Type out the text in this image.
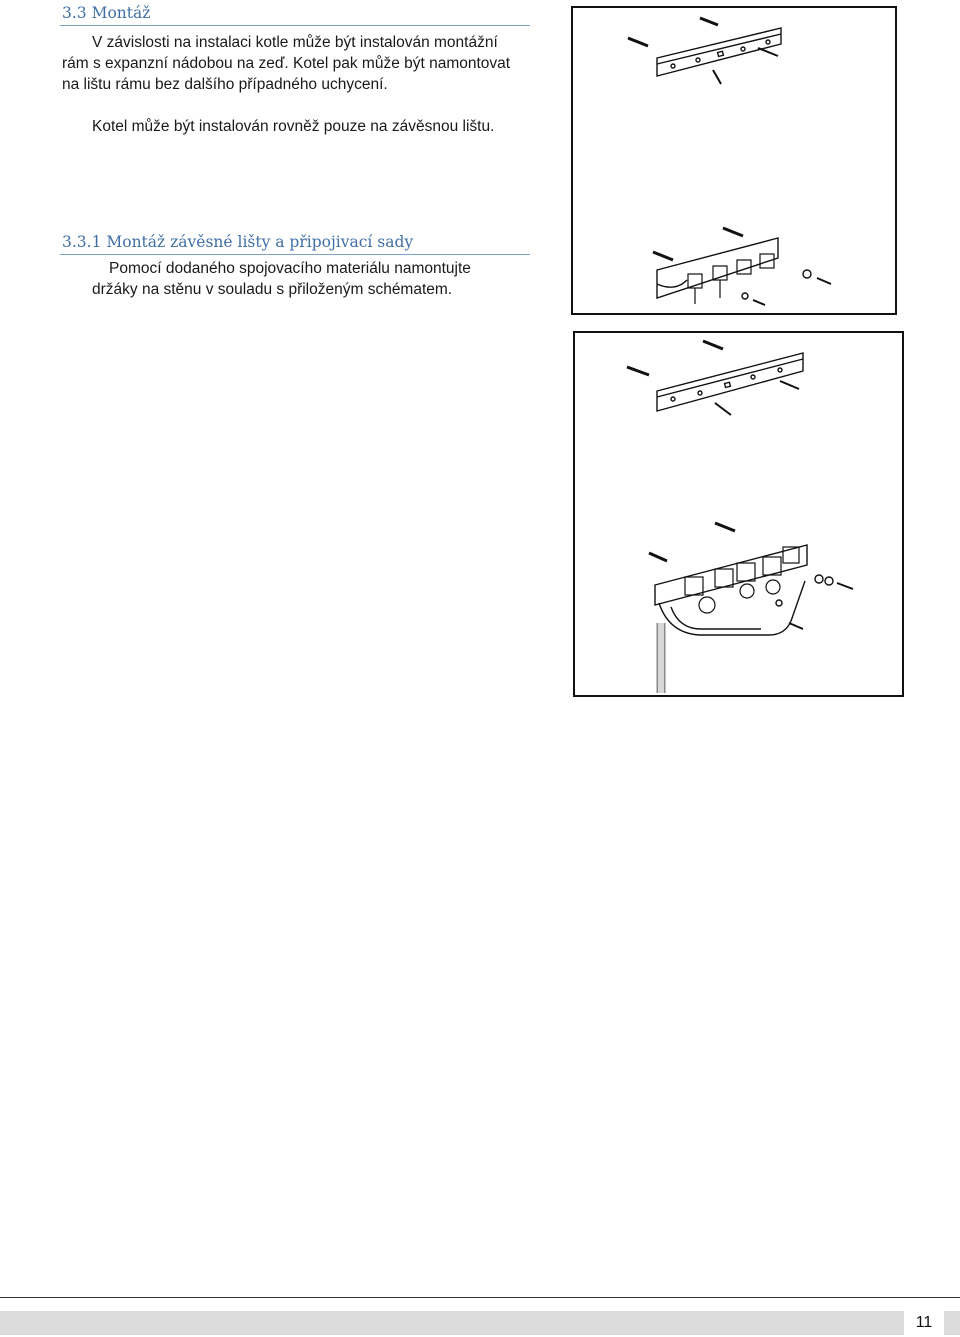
3.3 Montáž
V závislosti na instalaci kotle může být instalován montážní
rám s expanzní nádobou na zeď. Kotel pak může být namontovat
na lištu rámu bez dalšího případného uchycení.
Kotel může být instalován rovněž pouze na závěsnou lištu.
3.3.1 Montáž závěsné lišty a připojivací sady
Pomocí dodaného spojovacího materiálu namontujte
držáky na stěnu v souladu s přiloženým schématem.
11
